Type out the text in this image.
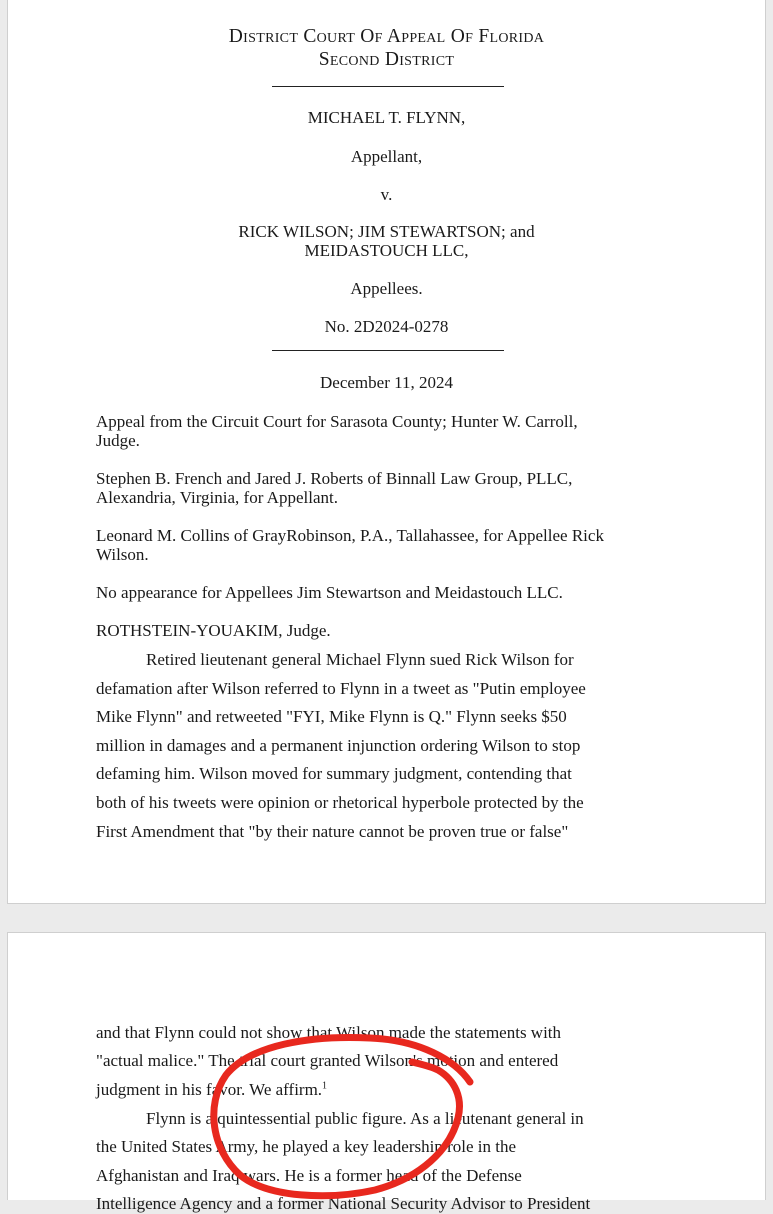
District Court Of Appeal Of Florida
Second District
MICHAEL T. FLYNN,
Appellant,
v.
RICK WILSON; JIM STEWARTSON; and
MEIDASTOUCH LLC,
Appellees.
No. 2D2024-0278
December 11, 2024
Appeal from the Circuit Court for Sarasota County; Hunter W. Carroll,
Judge.
Stephen B. French and Jared J. Roberts of Binnall Law Group, PLLC,
Alexandria, Virginia, for Appellant.
Leonard M. Collins of GrayRobinson, P.A., Tallahassee, for Appellee Rick
Wilson.
No appearance for Appellees Jim Stewartson and Meidastouch LLC.
ROTHSTEIN-YOUAKIM, Judge.
Retired lieutenant general Michael Flynn sued Rick Wilson for
defamation after Wilson referred to Flynn in a tweet as "Putin employee
Mike Flynn" and retweeted "FYI, Mike Flynn is Q." Flynn seeks $50
million in damages and a permanent injunction ordering Wilson to stop
defaming him. Wilson moved for summary judgment, contending that
both of his tweets were opinion or rhetorical hyperbole protected by the
First Amendment that "by their nature cannot be proven true or false"
and that Flynn could not show that Wilson made the statements with
"actual malice." The trial court granted Wilson's motion and entered
judgment in his favor. We affirm.$^1$
Flynn is a quintessential public figure. As a lieutenant general in
the United States Army, he played a key leadership role in the
Afghanistan and Iraq wars. He is a former head of the Defense
Intelligence Agency and a former National Security Advisor to President
